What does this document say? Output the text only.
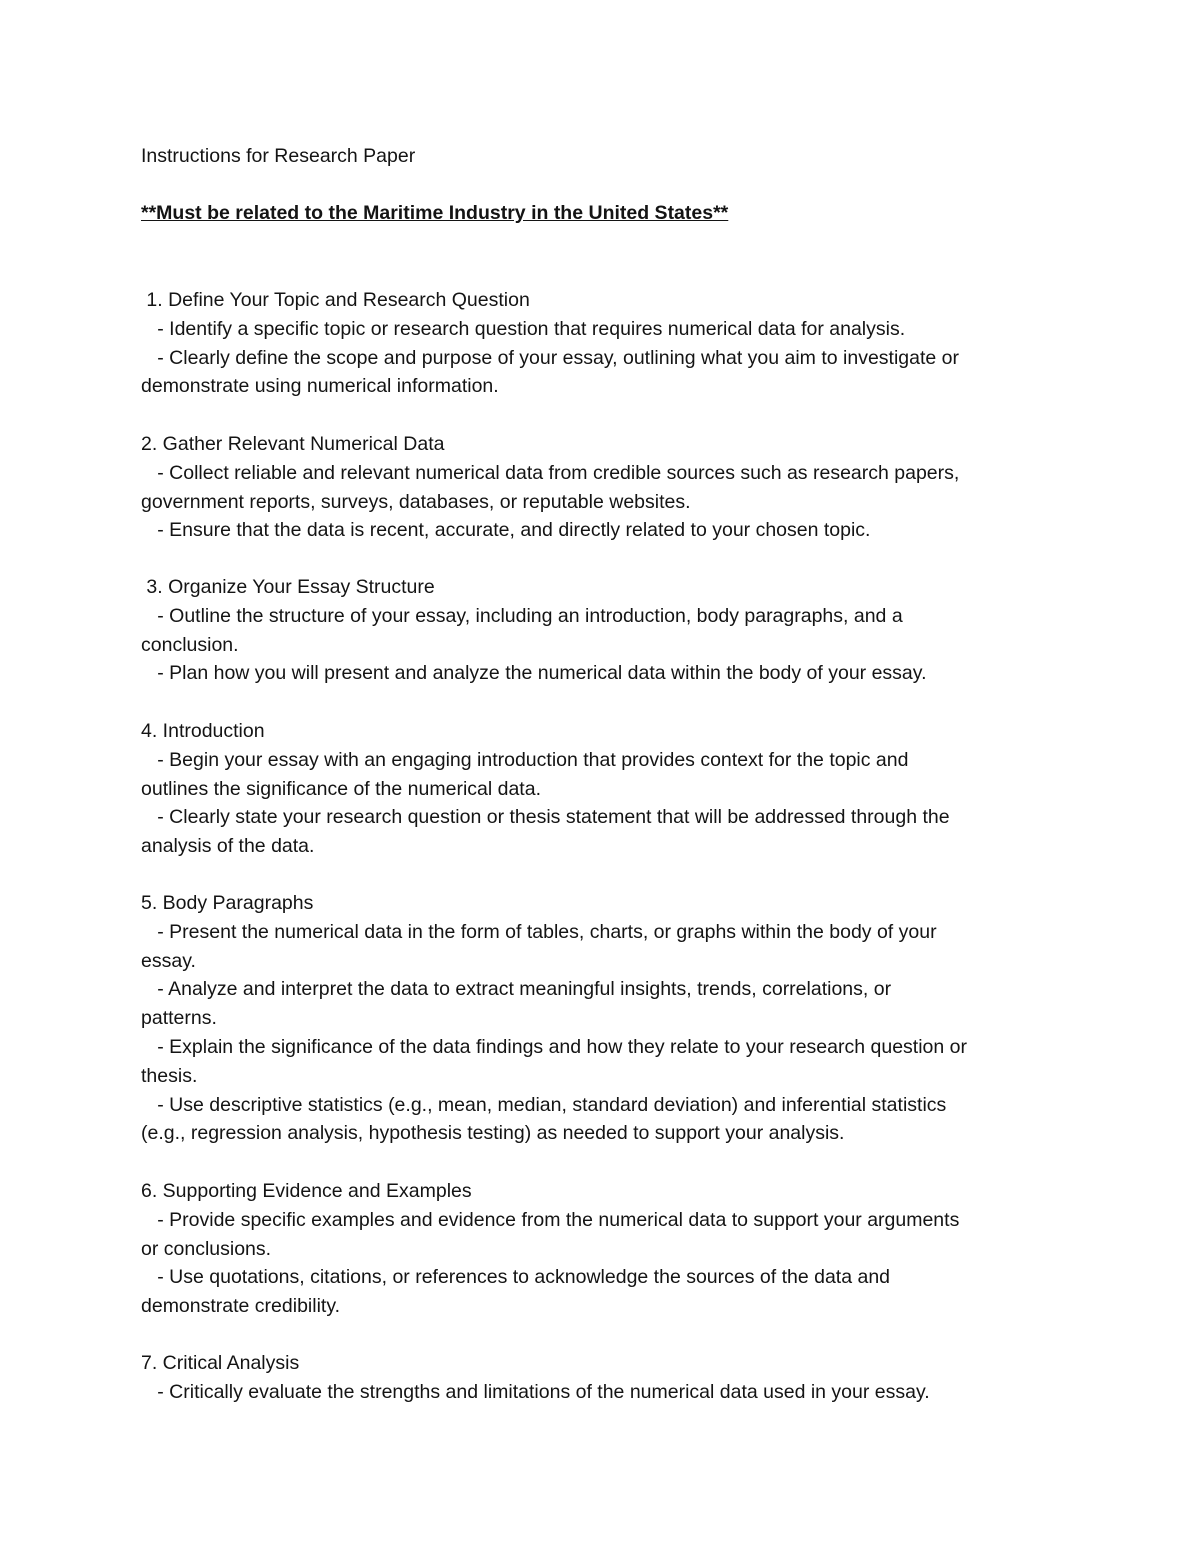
Instructions for Research Paper
**Must be related to the Maritime Industry in the United States**
1. Define Your Topic and Research Question
- Identify a specific topic or research question that requires numerical data for analysis.
- Clearly define the scope and purpose of your essay, outlining what you aim to investigate or
demonstrate using numerical information.
2. Gather Relevant Numerical Data
- Collect reliable and relevant numerical data from credible sources such as research papers,
government reports, surveys, databases, or reputable websites.
- Ensure that the data is recent, accurate, and directly related to your chosen topic.
3. Organize Your Essay Structure
- Outline the structure of your essay, including an introduction, body paragraphs, and a
conclusion.
- Plan how you will present and analyze the numerical data within the body of your essay.
4. Introduction
- Begin your essay with an engaging introduction that provides context for the topic and
outlines the significance of the numerical data.
- Clearly state your research question or thesis statement that will be addressed through the
analysis of the data.
5. Body Paragraphs
- Present the numerical data in the form of tables, charts, or graphs within the body of your
essay.
- Analyze and interpret the data to extract meaningful insights, trends, correlations, or
patterns.
- Explain the significance of the data findings and how they relate to your research question or
thesis.
- Use descriptive statistics (e.g., mean, median, standard deviation) and inferential statistics
(e.g., regression analysis, hypothesis testing) as needed to support your analysis.
6. Supporting Evidence and Examples
- Provide specific examples and evidence from the numerical data to support your arguments
or conclusions.
- Use quotations, citations, or references to acknowledge the sources of the data and
demonstrate credibility.
7. Critical Analysis
- Critically evaluate the strengths and limitations of the numerical data used in your essay.
